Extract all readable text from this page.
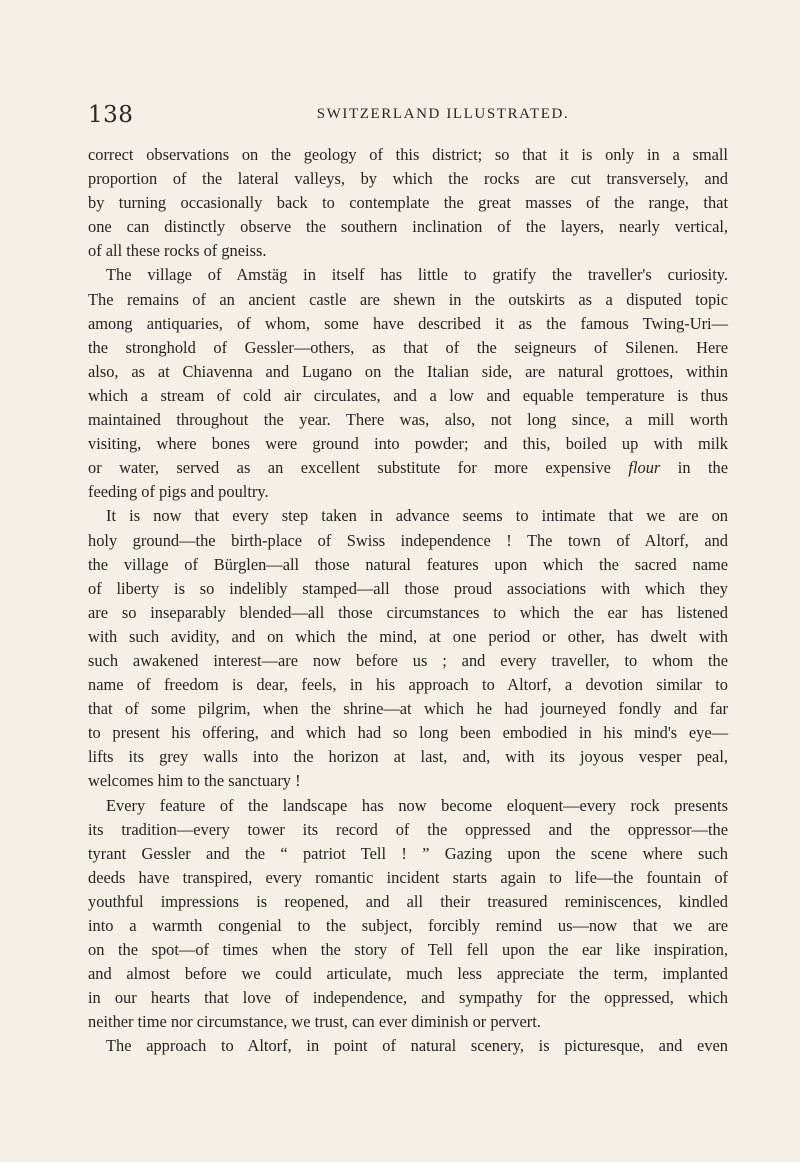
138	SWITZERLAND ILLUSTRATED.
correct observations on the geology of this district; so that it is only in a small
proportion of the lateral valleys, by which the rocks are cut transversely, and
by turning occasionally back to contemplate the great masses of the range, that
one can distinctly observe the southern inclination of the layers, nearly vertical,
of all these rocks of gneiss.
The village of Amstäg in itself has little to gratify the traveller's curiosity.
The remains of an ancient castle are shewn in the outskirts as a disputed topic
among antiquaries, of whom, some have described it as the famous Twing-Uri—
the stronghold of Gessler—others, as that of the seigneurs of Silenen. Here
also, as at Chiavenna and Lugano on the Italian side, are natural grottoes, within
which a stream of cold air circulates, and a low and equable temperature is thus
maintained throughout the year. There was, also, not long since, a mill worth
visiting, where bones were ground into powder; and this, boiled up with milk
or water, served as an excellent substitute for more expensive flour in the
feeding of pigs and poultry.
It is now that every step taken in advance seems to intimate that we are on
holy ground—the birth-place of Swiss independence ! The town of Altorf, and
the village of Bürglen—all those natural features upon which the sacred name
of liberty is so indelibly stamped—all those proud associations with which they
are so inseparably blended—all those circumstances to which the ear has listened
with such avidity, and on which the mind, at one period or other, has dwelt with
such awakened interest—are now before us ; and every traveller, to whom the
name of freedom is dear, feels, in his approach to Altorf, a devotion similar to
that of some pilgrim, when the shrine—at which he had journeyed fondly and far
to present his offering, and which had so long been embodied in his mind's eye—
lifts its grey walls into the horizon at last, and, with its joyous vesper peal,
welcomes him to the sanctuary !
Every feature of the landscape has now become eloquent—every rock presents
its tradition—every tower its record of the oppressed and the oppressor—the
tyrant Gessler and the “ patriot Tell ! ” Gazing upon the scene where such
deeds have transpired, every romantic incident starts again to life—the fountain of
youthful impressions is reopened, and all their treasured reminiscences, kindled
into a warmth congenial to the subject, forcibly remind us—now that we are
on the spot—of times when the story of Tell fell upon the ear like inspiration,
and almost before we could articulate, much less appreciate the term, implanted
in our hearts that love of independence, and sympathy for the oppressed, which
neither time nor circumstance, we trust, can ever diminish or pervert.
The approach to Altorf, in point of natural scenery, is picturesque, and even
